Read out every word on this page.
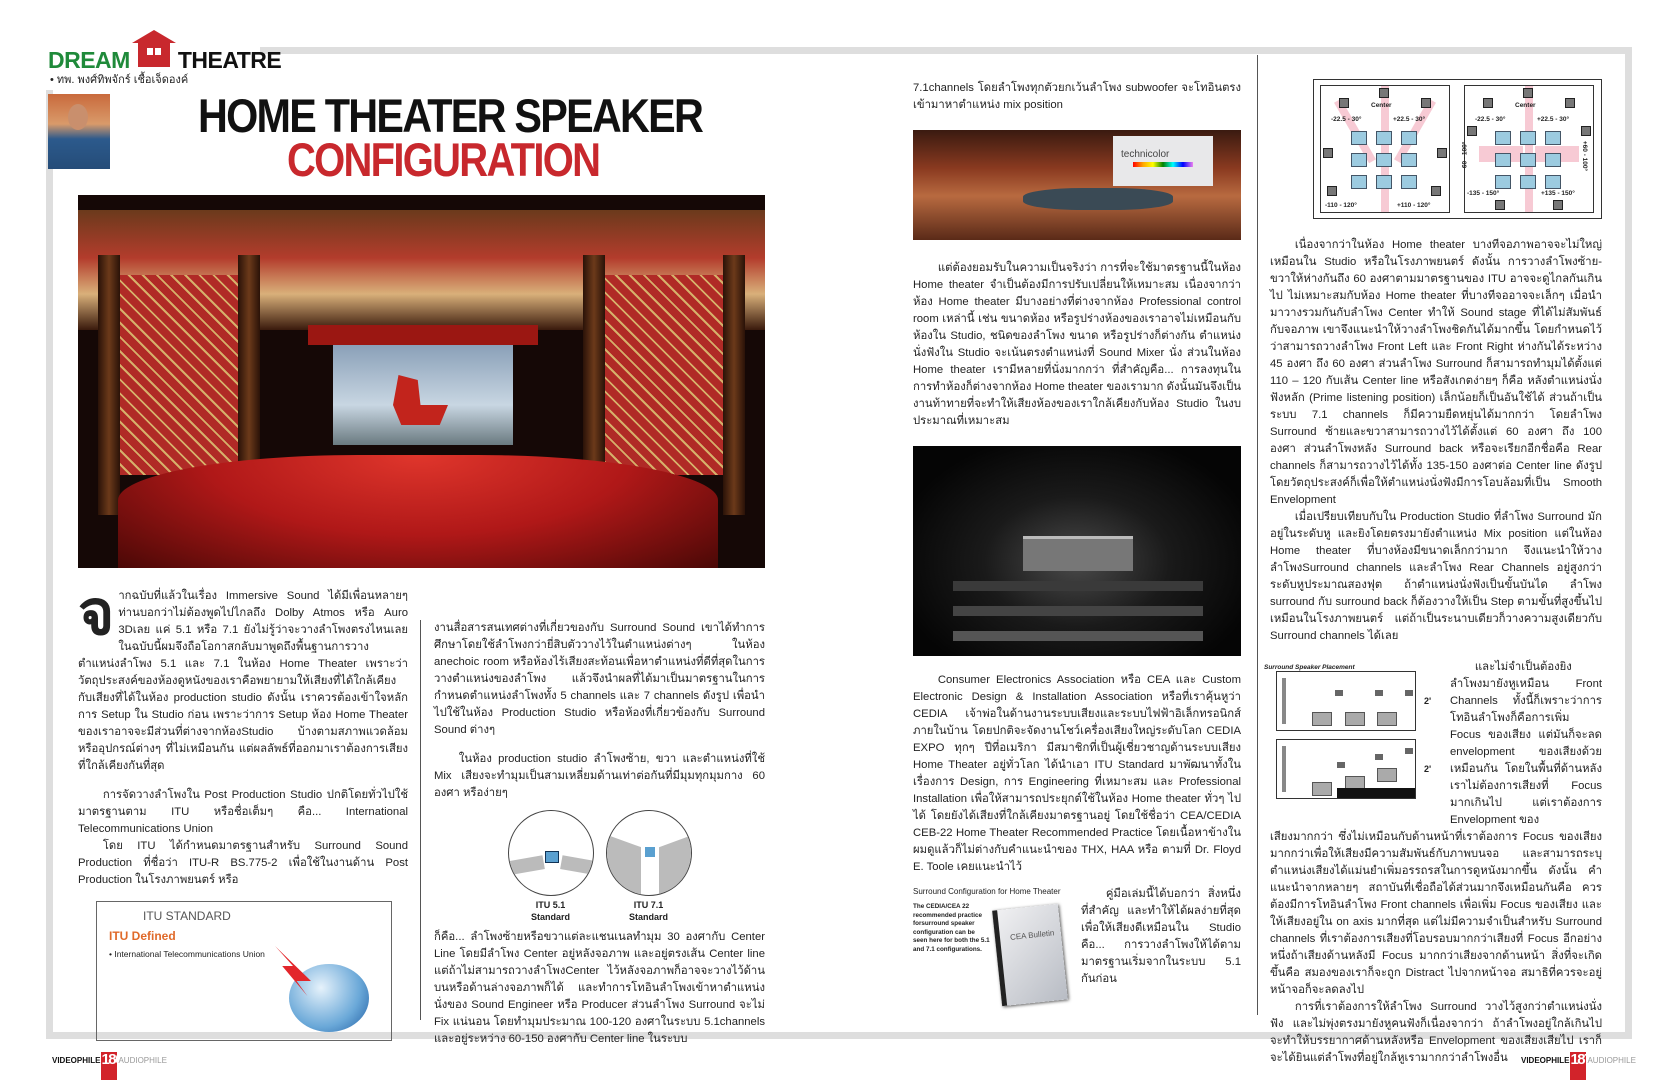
DREAM THEATRE
• ทพ. พงศ์ทิพจักร์ เชื้อเจ็ดองค์
HOME THEATER SPEAKER
CONFIGURATION

จากฉบับที่แล้วในเรื่อง Immersive Sound ได้มีเพื่อนหลายๆ ท่านบอกว่าไม่ต้องพูดไปไกลถึง Dolby Atmos หรือ Auro 3Dเลย แค่ 5.1 หรือ 7.1 ยังไม่รู้ว่าจะวางลำโพงตรงไหนเลย ในฉบับนี้ผมจึงถือโอกาสกลับมาพูดถึงพื้นฐานการวางตำแหน่งลำโพง 5.1 และ 7.1 ในห้อง Home Theater เพราะว่าวัตถุประสงค์ของห้องดูหนังของเราคือพยายามให้เสียงที่ได้ใกล้เคียงกับเสียงที่ได้ในห้อง production studio ดังนั้น เราควรต้องเข้าใจหลักการ Setup ใน Studio ก่อน เพราะว่าการ Setup ห้อง Home Theater ของเราอาจจะมีส่วนที่ต่างจากห้องStudio บ้างตามสภาพแวดล้อม หรืออุปกรณ์ต่างๆ ที่ไม่เหมือนกัน แต่ผลลัพธ์ที่ออกมาเราต้องการเสียงที่ใกล้เคียงกันที่สุด

การจัดวางลำโพงใน Post Production Studio ปกติโดยทั่วไปใช้มาตรฐานตาม ITU หรือชื่อเต็มๆ คือ... International Telecommunications Union

โดย ITU ได้กำหนดมาตรฐานสำหรับ Surround Sound Production ที่ชื่อว่า ITU-R BS.775-2 เพื่อใช้ในงานด้าน Post Production ในโรงภาพยนตร์ หรือ

ITU STANDARD
ITU Defined
• International Telecommunications Union

งานสื่อสารสนเทศต่างที่เกี่ยวของกับ Surround Sound เขาได้ทำการศึกษาโดยใช้ลำโพงกว่ายี่สิบตัววางไว้ในตำแหน่งต่างๆ ในห้อง anechoic room หรือห้องไร้เสียงสะท้อนเพื่อหาตำแหน่งที่ดีที่สุดในการวางตำแหน่งของลำโพง แล้วจึงนำผลที่ได้มาเป็นมาตรฐานในการกำหนดตำแหน่งลำโพงทั้ง 5 channels และ 7 channels ดังรูป เพื่อนำไปใช้ในห้อง Production Studio หรือห้องที่เกี่ยวข้องกับ Surround Sound ต่างๆ

ในห้อง production studio ลำโพงซ้าย, ขวา และตำแหน่งที่ใช้ Mix เสียงจะทำมุมเป็นสามเหลี่ยมด้านเท่าต่อกันที่มีมุมทุกมุมกาง 60 องศา หรือง่ายๆ

ITU 5.1
Standard
ITU 7.1
Standard

ก็คือ... ลำโพงซ้ายหรือขวาแต่ละแชนเนลทำมุม 30 องศากับ Center Line โดยมีลำโพง Center อยู่หลังจอภาพ และอยู่ตรงเส้น Center line แต่ถ้าไม่สามารถวางลำโพงCenter ไว้หลังจอภาพก็อาจจะวางไว้ด้านบนหรือด้านล่างจอภาพก็ได้ และทำการโทอินลำโพงเข้าหาตำแหน่งนั่งของ Sound Engineer หรือ Producer ส่วนลำโพง Surround จะไม่ Fix แน่นอน โดยทำมุมประมาณ 100-120 องศาในระบบ 5.1channels และอยู่ระหว่าง 60-150 องศากับ Center line ในระบบ

7.1channels โดยลำโพงทุกตัวยกเว้นลำโพง subwoofer จะโทอินตรงเข้ามาหาตำแหน่ง mix position

technicolor

แต่ต้องยอมรับในความเป็นจริงว่า การที่จะใช้มาตรฐานนี้ในห้อง Home theater จำเป็นต้องมีการปรับเปลี่ยนให้เหมาะสม เนื่องจากว่าห้อง Home theater มีบางอย่างที่ต่างจากห้อง Professional control room เหล่านี้ เช่น ขนาดห้อง หรือรูปร่างห้องของเราอาจไม่เหมือนกับห้องใน Studio, ชนิดของลำโพง ขนาด หรือรูปร่างก็ต่างกัน ตำแหน่งนั่งฟังใน Studio จะเน้นตรงตำแหน่งที่ Sound Mixer นั่ง ส่วนในห้อง Home theater เรามีหลายที่นั่งมากกว่า ที่สำคัญคือ... การลงทุนในการทำห้องก็ต่างจากห้อง Home theater ของเรามาก ดังนั้นมันจึงเป็นงานท้าทายที่จะทำให้เสียงห้องของเราใกล้เคียงกับห้อง Studio ในงบประมาณที่เหมาะสม

Consumer Electronics Association หรือ CEA และ Custom Electronic Design & Installation Association หรือที่เราคุ้นหูว่า CEDIA เจ้าพ่อในด้านงานระบบเสียงและระบบไฟฟ้าอิเล็กทรอนิกส์ภายในบ้าน โดยปกติจะจัดงานโชว์เครื่องเสียงใหญ่ระดับโลก CEDIA EXPO ทุกๆ ปีที่อเมริกา มีสมาชิกที่เป็นผู้เชี่ยวชาญด้านระบบเสียง Home Theater อยู่ทั่วโลก ได้นำเอา ITU Standard มาพัฒนาทั้งในเรื่องการ Design, การ Engineering ที่เหมาะสม และ Professional Installation เพื่อให้สามารถประยุกต์ใช้ในห้อง Home theater ทั่วๆ ไปได้ โดยยังได้เสียงที่ใกล้เคียงมาตรฐานอยู่ โดยใช้ชื่อว่า CEA/CEDIA CEB-22 Home Theater Recommended Practice โดยเนื้อหาข้างในผมดูแล้วก็ไม่ต่างกับคำแนะนำของ THX, HAA หรือ ตามที่ Dr. Floyd E. Toole เคยแนะนำไว้

Surround Configuration for Home Theater
The CEDIA/CEA 22 recommended practice forsurround speaker configuration can be seen here for both the 5.1 and 7.1 configurations.
CEA Bulletin

คู่มือเล่มนี้ได้บอกว่า สิ่งหนึ่งที่สำคัญ และทำให้ได้ผลง่ายที่สุด เพื่อให้เสียงดีเหมือนใน Studio คือ... การวางลำโพงให้ได้ตามมาตรฐานเริ่มจากในระบบ 5.1 กันก่อน

Center
-22.5 - 30°	+22.5 - 30°
-110 - 120°	+110 - 120°
Center
-22.5 - 30°	+22.5 - 30°
-60 - 100°	+60 - 100°
-135 - 150°	+135 - 150°

เนื่องจากว่าในห้อง Home theater บางทีจอภาพอาจจะไม่ใหญ่เหมือนใน Studio หรือในโรงภาพยนตร์ ดังนั้น การวางลำโพงซ้าย-ขวาให้ห่างกันถึง 60 องศาตามมาตรฐานของ ITU อาจจะดูไกลกันเกินไป ไม่เหมาะสมกับห้อง Home theater ที่บางทีจออาจจะเล็กๆ เมื่อนำมาวางรวมกันกับลำโพง Center ทำให้ Sound stage ที่ได้ไม่สัมพันธ์กับจอภาพ เขาจึงแนะนำให้วางลำโพงชิดกันได้มากขึ้น โดยกำหนดไว้ว่าสามารถวางลำโพง Front Left และ Front Right ห่างกันได้ระหว่าง 45 องศา ถึง 60 องศา ส่วนลำโพง Surround ก็สามารถทำมุมได้ตั้งแต่ 110 – 120 กับเส้น Center line หรือสังเกตง่ายๆ ก็คือ หลังตำแหน่งนั่งฟังหลัก (Prime listening position) เล็กน้อยก็เป็นอันใช้ได้ ส่วนถ้าเป็นระบบ 7.1 channels ก็มีความยืดหยุ่นได้มากกว่า โดยลำโพง Surround ซ้ายและขวาสามารถวางไว้ได้ตั้งแต่ 60 องศา ถึง 100 องศา ส่วนลำโพงหลัง Surround back หรือจะเรียกอีกชื่อคือ Rear channels ก็สามารถวางไว้ได้ทั้ง 135-150 องศาต่อ Center line ดังรูป โดยวัตถุประสงค์ก็เพื่อให้ตำแหน่งนั่งฟังมีการโอบล้อมที่เป็น Smooth Envelopment

เมื่อเปรียบเทียบกับใน Production Studio ที่ลำโพง Surround มักอยู่ในระดับหู และยิงโดยตรงมายังตำแหน่ง Mix position แต่ในห้อง Home theater ที่บางห้องมีขนาดเล็กกว่ามาก จึงแนะนำให้วางลำโพงSurround channels และลำโพง Rear Channels อยู่สูงกว่าระดับหูประมาณสองฟุต ถ้าตำแหน่งนั่งฟังเป็นขั้นบันได ลำโพง surround กับ surround back ก็ต้องวางให้เป็น Step ตามขั้นที่สูงขึ้นไปเหมือนในโรงภาพยนตร์ แต่ถ้าเป็นระนาบเดียวก็วางความสูงเดียวกับ Surround channels ได้เลย

Surround Speaker Placement
2'
2'

และไม่จำเป็นต้องยิงลำโพงมายังหูเหมือน Front Channels ทั้งนี้ก็เพราะว่าการโทอินลำโพงก็คือการเพิ่ม Focus ของเสียง แต่มันก็จะลด envelopment ของเสียงด้วยเหมือนกัน โดยในพื้นที่ด้านหลังเราไม่ต้องการเสียงที่ Focus มากเกินไป แต่เราต้องการ Envelopment ของ

เสียงมากกว่า ซึ่งไม่เหมือนกับด้านหน้าที่เราต้องการ Focus ของเสียงมากกว่าเพื่อให้เสียงมีความสัมพันธ์กับภาพบนจอ และสามารถระบุตำแหน่งเสียงได้แม่นยำเพิ่มอรรถรสในการดูหนังมากขึ้น ดังนั้น คำแนะนำจากหลายๆ สถาบันที่เชื่อถือได้ส่วนมากจึงเหมือนกันคือ ควรต้องมีการโทอินลำโพง Front channels เพื่อเพิ่ม Focus ของเสียง และให้เสียงอยู่ใน on axis มากที่สุด แต่ไม่มีความจำเป็นสำหรับ Surround channels ที่เราต้องการเสียงที่โอบรอบมากกว่าเสียงที่ Focus อีกอย่างหนึ่งถ้าเสียงด้านหลังมี Focus มากกว่าเสียงจากด้านหน้า สิ่งที่จะเกิดขึ้นคือ สมองของเราก็จะถูก Distract ไปจากหน้าจอ สมาธิที่ควรจะอยู่หน้าจอก็จะลดลงไป

การที่เราต้องการให้ลำโพง Surround วางไว้สูงกว่าตำแหน่งนั่งฟัง และไม่พุ่งตรงมายังหูคนฟังก็เนื่องจากว่า ถ้าลำโพงอยู่ใกล้เกินไปจะทำให้บรรยากาศด้านหลังหรือ Envelopment ของเสียงเสียไป เราก็จะได้ยินแต่ลำโพงที่อยู่ใกล้หูเรามากกว่าลำโพงอื่น

VIDEOPHILE 186
AUDIOPHILE	VIDEOPHILE 187
AUDIOPHILE
